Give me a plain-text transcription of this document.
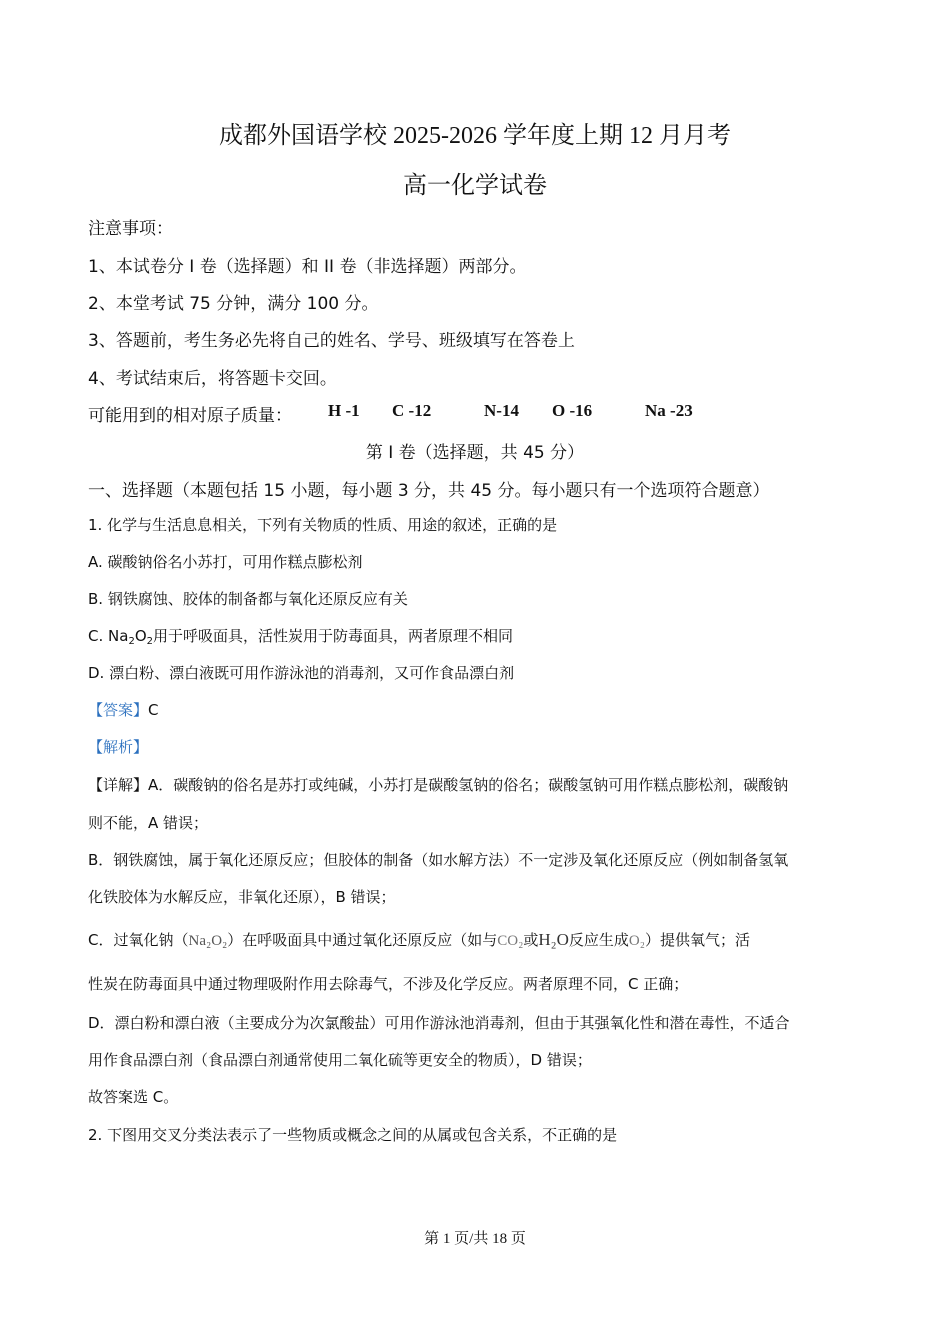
成都外国语学校 2025-2026 学年度上期 12 月月考
高一化学试卷
注意事项：
1、本试卷分 I 卷（选择题）和 II 卷（非选择题）两部分。
2、本堂考试 75 分钟，满分 100 分。
3、答题前，考生务必先将自己的姓名、学号、班级填写在答卷上
4、考试结束后，将答题卡交回。
可能用到的相对原子质量： H -1 C -12	N-14 O -16	Na -23
第 I 卷（选择题，共 45 分）
一、选择题（本题包括 15 小题，每小题 3 分，共 45 分。每小题只有一个选项符合题意）
1. 化学与生活息息相关，下列有关物质的性质、用途的叙述，正确的是
A. 碳酸钠俗名小苏打，可用作糕点膨松剂
B. 钢铁腐蚀、胶体的制备都与氧化还原反应有关
C. $Na_2O_2$用于呼吸面具，活性炭用于防毒面具，两者原理不相同
D. 漂白粉、漂白液既可用作游泳池的消毒剂，又可作食品漂白剂
【答案】C
【解析】
【详解】A．碳酸钠的俗名是苏打或纯碱，小苏打是碳酸氢钠的俗名；碳酸氢钠可用作糕点膨松剂，碳酸钠
则不能，A 错误；
B．钢铁腐蚀，属于氧化还原反应；但胶体的制备（如水解方法）不一定涉及氧化还原反应（例如制备氢氧
化铁胶体为水解反应，非氧化还原），B 错误；
C．过氧化钠（Na₂O₂）在呼吸面具中通过氧化还原反应（如与CO₂或H₂O反应生成O₂）提供氧气；活
性炭在防毒面具中通过物理吸附作用去除毒气，不涉及化学反应。两者原理不同，C 正确；
D．漂白粉和漂白液（主要成分为次氯酸盐）可用作游泳池消毒剂，但由于其强氧化性和潜在毒性，不适合
用作食品漂白剂（食品漂白剂通常使用二氧化硫等更安全的物质），D 错误；
故答案选 C。
2. 下图用交叉分类法表示了一些物质或概念之间的从属或包含关系，不正确的是
第 1 页/共 18 页
